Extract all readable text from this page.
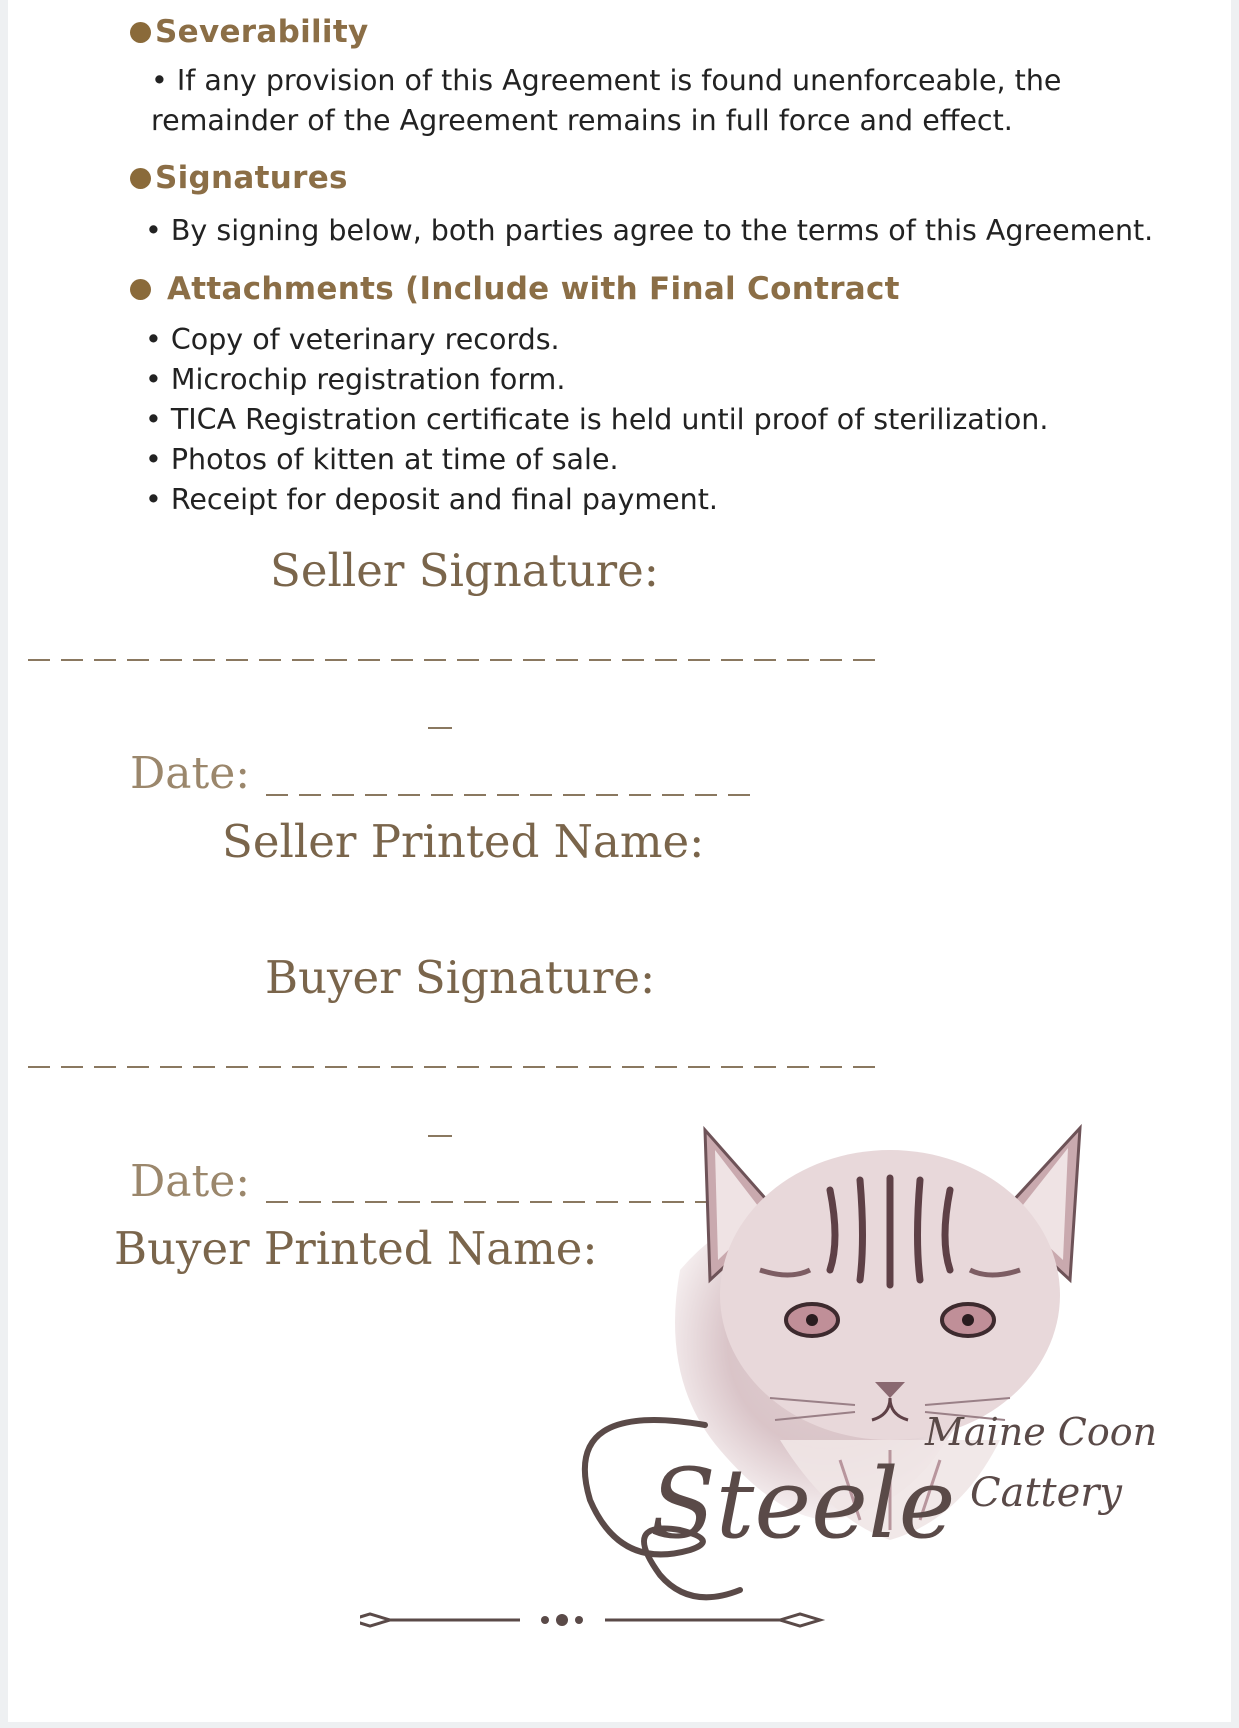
Severability
• If any provision of this Agreement is found unenforceable, the
remainder of the Agreement remains in full force and effect.
Signatures
• By signing below, both parties agree to the terms of this Agreement.
Attachments (Include with Final Contract
• Copy of veterinary records.
• Microchip registration form.
• TICA Registration certificate is held until proof of sterilization.
• Photos of kitten at time of sale.
• Receipt for deposit and final payment.
Seller Signature:
Date:
Seller Printed Name:
Buyer Signature:
Date:
Buyer Printed Name:
Steele
Maine Coon
Cattery
